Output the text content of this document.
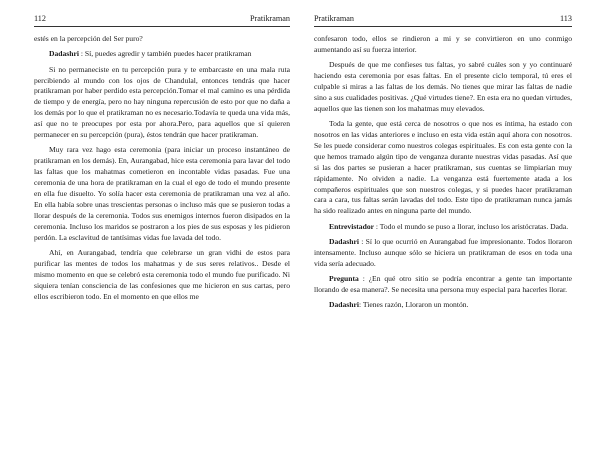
112	Pratikraman

estés en la percepción del Ser puro?

Dadashri : Sí, puedes agredir y también puedes hacer pratikraman

Si no permaneciste en tu percepción pura y te embarcaste en una mala ruta percibiendo al mundo con los ojos de Chandulal, entonces tendrás que hacer pratikraman por haber perdido esta percepción.Tomar el mal camino es una pérdida de tiempo y de energía, pero no hay ninguna repercusión de esto por que no daña a los demás por lo que el pratikraman no es necesario.Todavía te queda una vida más, así que no te preocupes por esta por ahora.Pero, para aquellos que sí quieren permanecer en su percepción (pura), éstos tendrán que hacer pratikraman.

Muy rara vez hago esta ceremonia (para iniciar un proceso instantáneo de pratikraman en los demás). En, Aurangabad, hice esta ceremonia para lavar del todo las faltas que los mahatmas cometieron en incontable vidas pasadas. Fue una ceremonia de una hora de pratikraman en la cual el ego de todo el mundo presente en ella fue disuelto. Yo solía hacer esta ceremonia de pratikraman una vez al año. En ella había sobre unas trescientas personas o incluso más que se pusieron todas a llorar después de la ceremonia. Todos sus enemigos internos fueron disipados en la ceremonia. Incluso los maridos se postraron a los pies de sus esposas y les pidieron perdón. La esclavitud de tantísimas vidas fue lavada del todo.

Ahí, en Aurangabad, tendría que celebrarse un gran vidhi de estos para purificar las mentes de todos los mahatmas y de sus seres relativos.. Desde el mismo momento en que se celebró esta ceremonia todo el mundo fue purificado. Ni siquiera tenían consciencia de las confesiones que me hicieron en sus cartas, pero ellos escribieron todo. En el momento en que ellos me

Pratikraman	113

confesaron todo, ellos se rindieron a mi y se convirtieron en uno conmigo aumentando así su fuerza interior.

Después de que me confieses tus faltas, yo sabré cuáles son y yo continuaré haciendo esta ceremonia por esas faltas. En el presente ciclo temporal, tú eres el culpable si miras a las faltas de los demás. No tienes que mirar las faltas de nadie sino a sus cualidades positivas. ¿Qué virtudes tiene?. En esta era no quedan virtudes, aquellos que las tienen son los mahatmas muy elevados.

Toda la gente, que está cerca de nosotros o que nos es íntima, ha estado con nosotros en las vidas anteriores e incluso en esta vida están aquí ahora con nosotros. Se les puede considerar como nuestros colegas espirituales. Es con esta gente con la que hemos tramado algún tipo de venganza durante nuestras vidas pasadas. Así que si las dos partes se pusieran a hacer pratikraman, sus cuentas se limpiarían muy rápidamente. No olviden a nadie. La venganza está fuertemente atada a los compañeros espirituales que son nuestros colegas, y si puedes hacer pratikraman cara a cara, tus faltas serán lavadas del todo. Este tipo de pratikraman nunca jamás ha sido realizado antes en ninguna parte del mundo.

Entrevistador : Todo el mundo se puso a llorar, incluso los aristócratas. Dada.

Dadashri : Sí lo que ocurrió en Aurangabad fue impresionante. Todos lloraron intensamente. Incluso aunque sólo se hiciera un pratikraman de esos en toda una vida sería adecuado.

Pregunta : ¿En qué otro sitio se podría encontrar a gente tan importante llorando de esa manera?. Se necesita una persona muy especial para hacerles llorar.

Dadashri: Tienes razón, Lloraron un montón.
